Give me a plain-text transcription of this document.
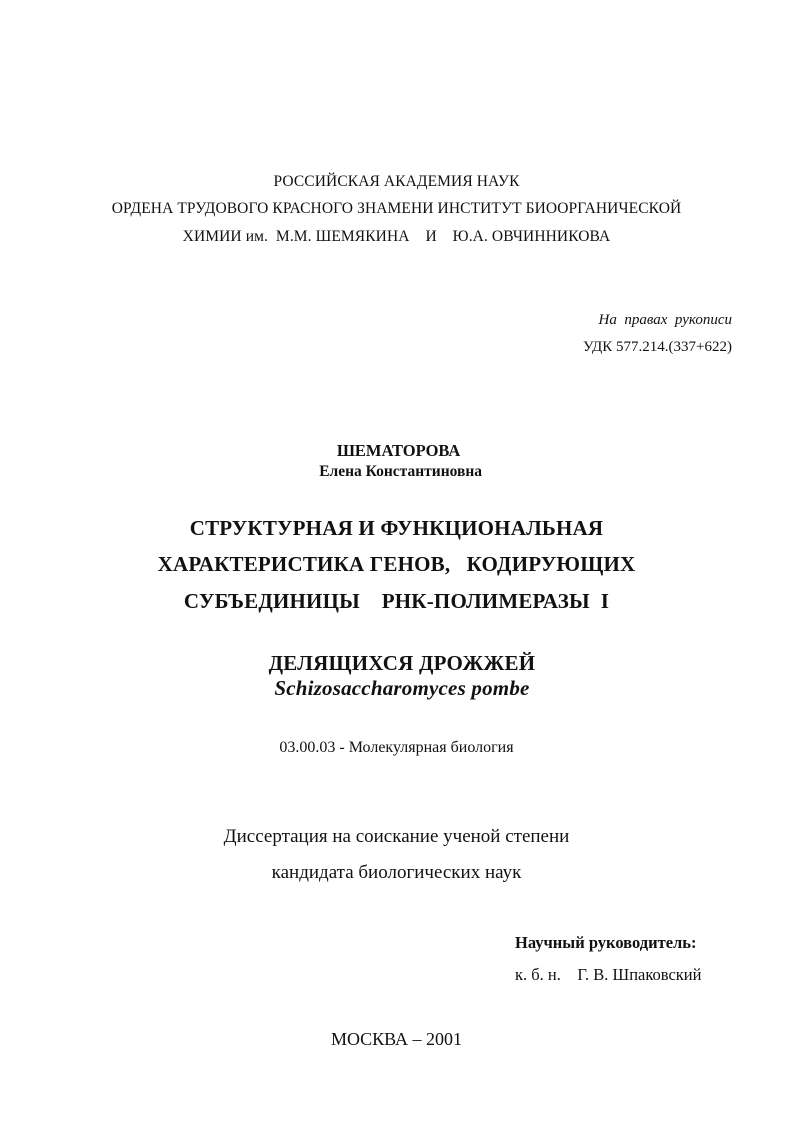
РОССИЙСКАЯ АКАДЕМИЯ НАУК
ОРДЕНА ТРУДОВОГО КРАСНОГО ЗНАМЕНИ ИНСТИТУТ БИООРГАНИЧЕСКОЙ
ХИМИИ им.  М.М. ШЕМЯКИНА    И    Ю.А. ОВЧИННИКОВА
На  правах  рукописи
УДК 577.214.(337+622)

ШЕМАТОРОВА
Елена Константиновна

СТРУКТУРНАЯ И ФУНКЦИОНАЛЬНАЯ
ХАРАКТЕРИСТИКА ГЕНОВ,   КОДИРУЮЩИХ
СУБЪЕДИНИЦЫ    РНК-ПОЛИМЕРАЗЫ  I

ДЕЛЯЩИХСЯ ДРОЖЖЕЙ
Schizosaccharomyces pombe

03.00.03 - Молекулярная биология
Диссертация на соискание ученой степени
кандидата биологических наук
Научный руководитель:
к. б. н.    Г. В. Шпаковский
МОСКВА – 2001
